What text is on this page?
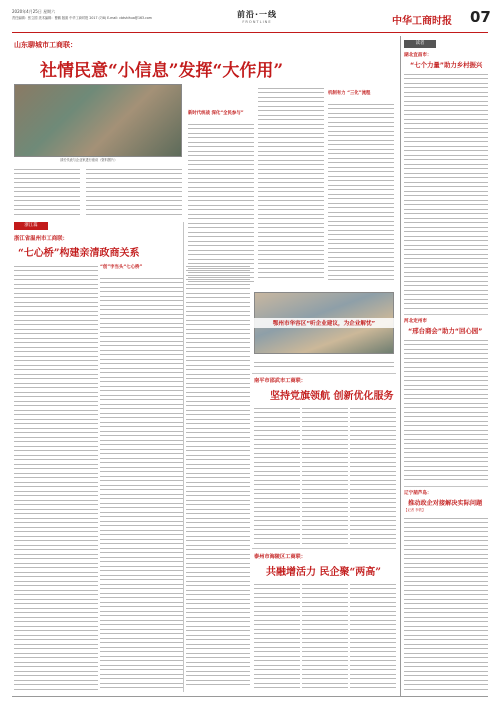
2020年4月25日 星期六
责任编辑：张立国 美术编辑：曹鹏 版面 中华工商时报 2017 (7/8) E-mail: cbtshihua@163.com	前沿·一线
FRONTLINE	中华工商时报 07
山东聊城市工商联：
社情民意“小信息”发挥“大作用”
部长代表与企业家进行座谈（资料图片）
新时代统战 深化“全民参与”
机制有力 “三化”流程
浙江篇
浙江省温州市工商联：
“七心桥”构建亲清政商关系
“创”字当头“七心桥”
鄂州市华容区“听企业建议，为企业解忧”
南平市邵武市工商联：
坚持党旗领航 创新优化服务
泰州市海陵区工商联：
共融增活力 民企聚“两高”
读者
湖北宜昌市：
“七个力量”助力乡村振兴
河北定州市
“邢台商会”助力“回心园”
辽宁葫芦岛：
推动政企对接解决实际问题
【记者 李铁】
